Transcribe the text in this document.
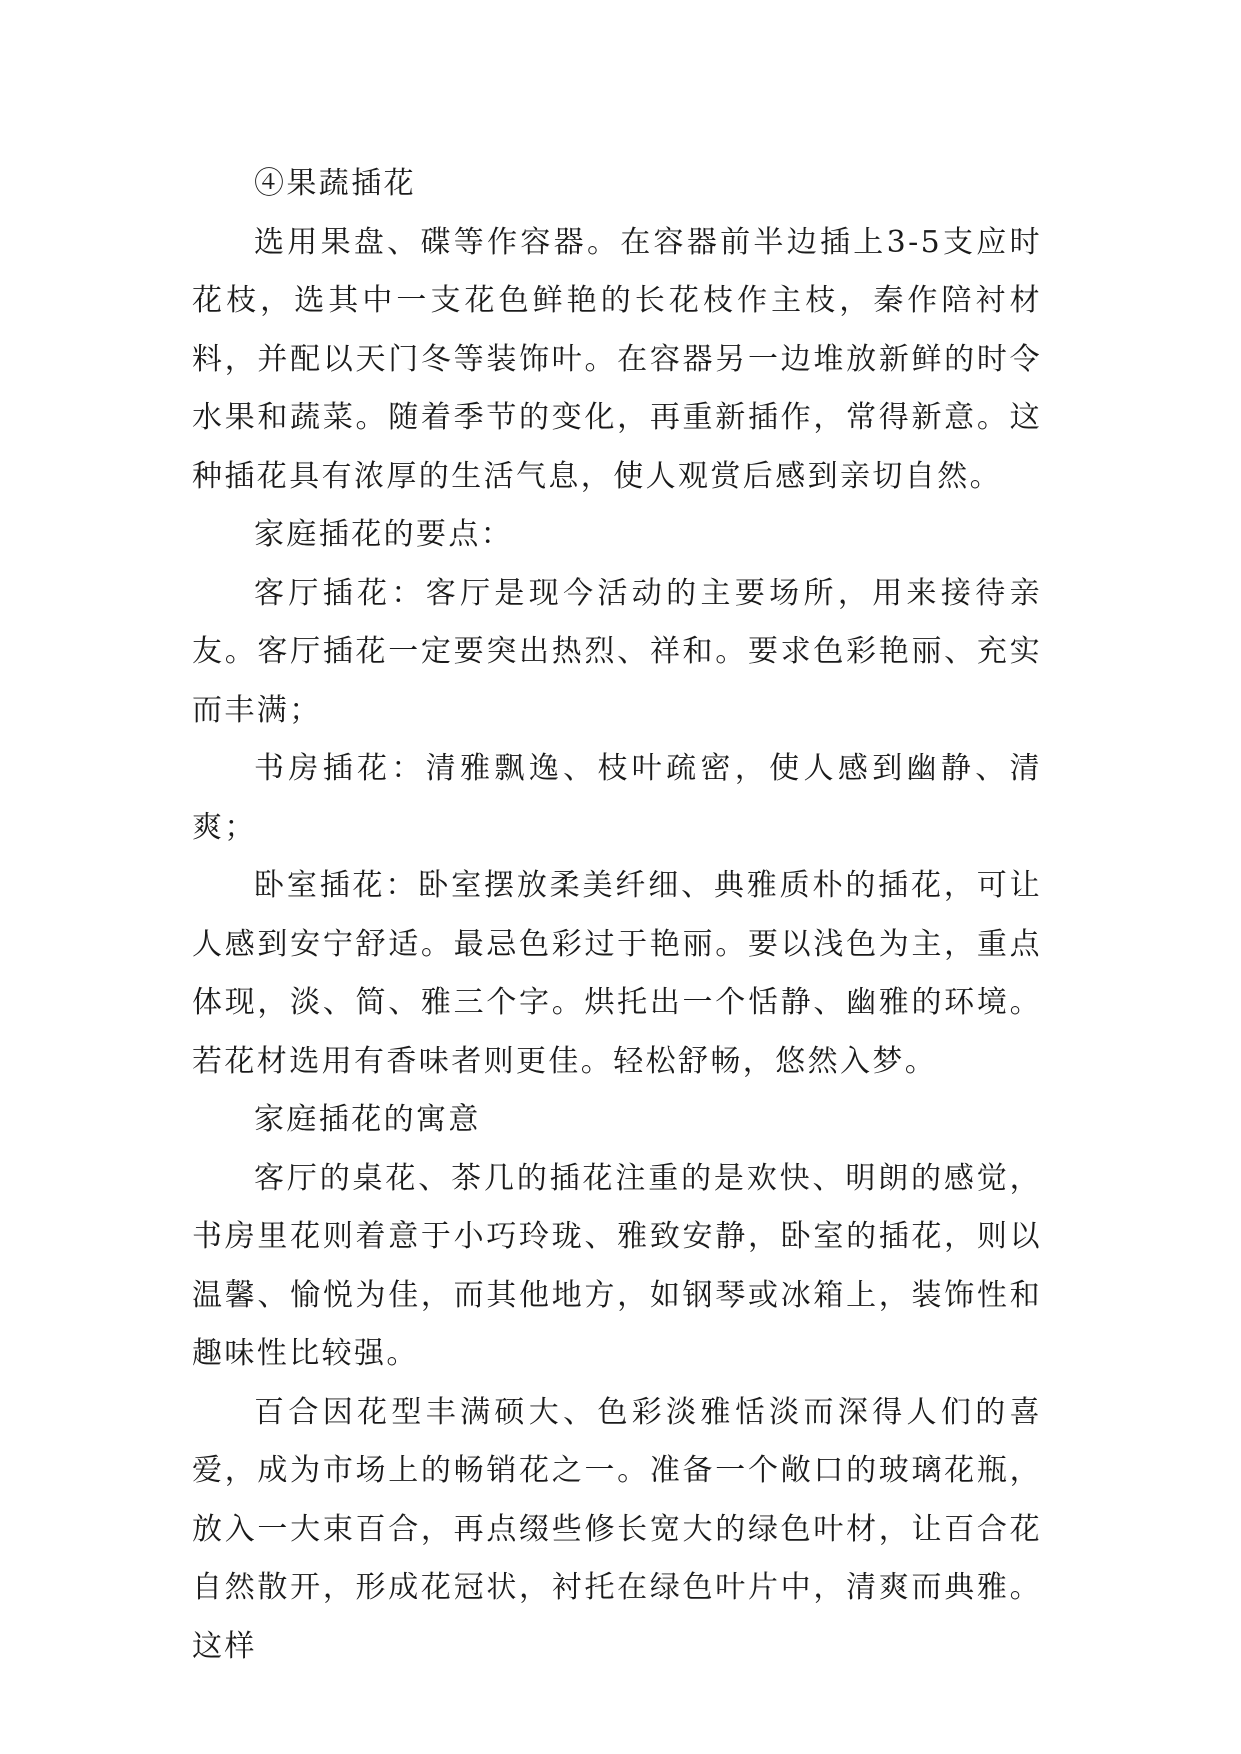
④果蔬插花

选用果盘、碟等作容器。在容器前半边插上3-5支应时花枝，选其中一支花色鲜艳的长花枝作主枝，秦作陪衬材料，并配以天门冬等装饰叶。在容器另一边堆放新鲜的时令水果和蔬菜。随着季节的变化，再重新插作，常得新意。这种插花具有浓厚的生活气息，使人观赏后感到亲切自然。

家庭插花的要点：

客厅插花：客厅是现今活动的主要场所，用来接待亲友。客厅插花一定要突出热烈、祥和。要求色彩艳丽、充实而丰满；

书房插花：清雅飘逸、枝叶疏密，使人感到幽静、清爽；

卧室插花：卧室摆放柔美纤细、典雅质朴的插花，可让人感到安宁舒适。最忌色彩过于艳丽。要以浅色为主，重点体现，淡、简、雅三个字。烘托出一个恬静、幽雅的环境。若花材选用有香味者则更佳。轻松舒畅，悠然入梦。

家庭插花的寓意

客厅的桌花、茶几的插花注重的是欢快、明朗的感觉，书房里花则着意于小巧玲珑、雅致安静，卧室的插花，则以温馨、愉悦为佳，而其他地方，如钢琴或冰箱上，装饰性和趣味性比较强。

百合因花型丰满硕大、色彩淡雅恬淡而深得人们的喜爱，成为市场上的畅销花之一。准备一个敞口的玻璃花瓶，放入一大束百合，再点缀些修长宽大的绿色叶材，让百合花自然散开，形成花冠状，衬托在绿色叶片中，清爽而典雅。这样
